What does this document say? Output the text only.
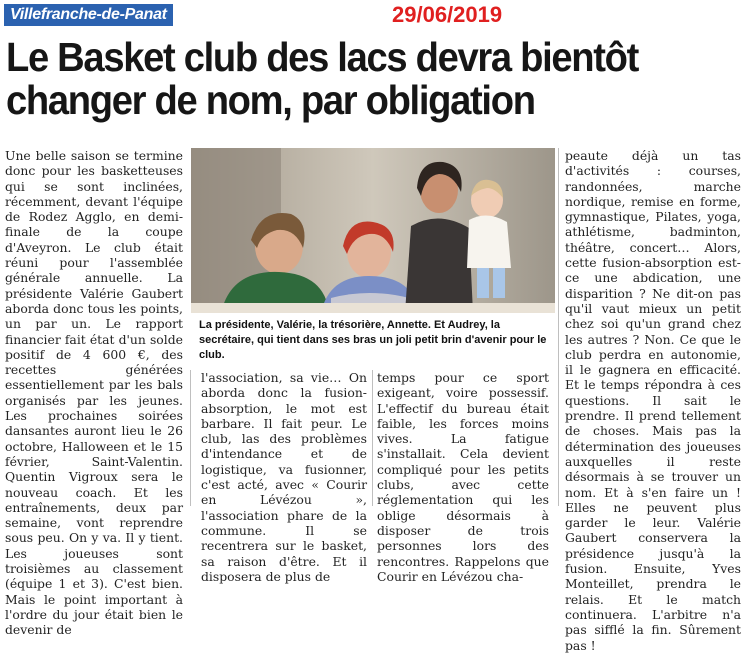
Villefranche-de-Panat	29/06/2019
Le Basket club des lacs devra bientôt
changer de nom, par obligation

Une belle saison se termine donc pour les basketteuses qui se sont inclinées, récemment, devant l'équipe de Rodez Agglo, en demi-finale de la coupe d'Aveyron. Le club était réuni pour l'assemblée générale annuelle. La présidente Valérie Gaubert aborda donc tous les points, un par un. Le rapport financier fait état d'un solde positif de 4 600 €, des recettes générées essentiellement par les bals organisés par les jeunes. Les prochaines soirées dansantes auront lieu le 26 octobre, Halloween et le 15 février, Saint-Valentin. Quentin Vigroux sera le nouveau coach. Et les entraînements, deux par semaine, vont reprendre sous peu. On y va. Il y tient. Les joueuses sont troisièmes au classement (équipe 1 et 3). C'est bien. Mais le point important à l'ordre du jour était bien le devenir de

La présidente, Valérie, la trésorière, Annette. Et Audrey, la secrétaire, qui tient dans ses bras un joli petit brin d'avenir pour le club.

l'association, sa vie… On aborda donc la fusion-absorption, le mot est barbare. Il fait peur. Le club, las des problèmes d'intendance et de logistique, va fusionner, c'est acté, avec « Courir en Lévézou », l'association phare de la commune. Il se recentrera sur le basket, sa raison d'être. Et il disposera de plus de

temps pour ce sport exigeant, voire possessif. L'effectif du bureau était faible, les forces moins vives. La fatigue s'installait. Cela devient compliqué pour les petits clubs, avec cette réglementation qui les oblige désormais à disposer de trois personnes lors des rencontres. Rappelons que Courir en Lévézou cha-

peaute déjà un tas d'activités : courses, randonnées, marche nordique, remise en forme, gymnastique, Pilates, yoga, athlétisme, badminton, théâtre, concert… Alors, cette fusion-absorption est-ce une abdication, une disparition ? Ne dit-on pas qu'il vaut mieux un petit chez soi qu'un grand chez les autres ? Non. Ce que le club perdra en autonomie, il le gagnera en efficacité. Et le temps répondra à ces questions. Il sait le prendre. Il prend tellement de choses. Mais pas la détermination des joueuses auxquelles il reste désormais à se trouver un nom. Et à s'en faire un ! Elles ne peuvent plus garder le leur. Valérie Gaubert conservera la présidence jusqu'à la fusion. Ensuite, Yves Monteillet, prendra le relais. Et le match continuera. L'arbitre n'a pas sifflé la fin. Sûrement pas !
